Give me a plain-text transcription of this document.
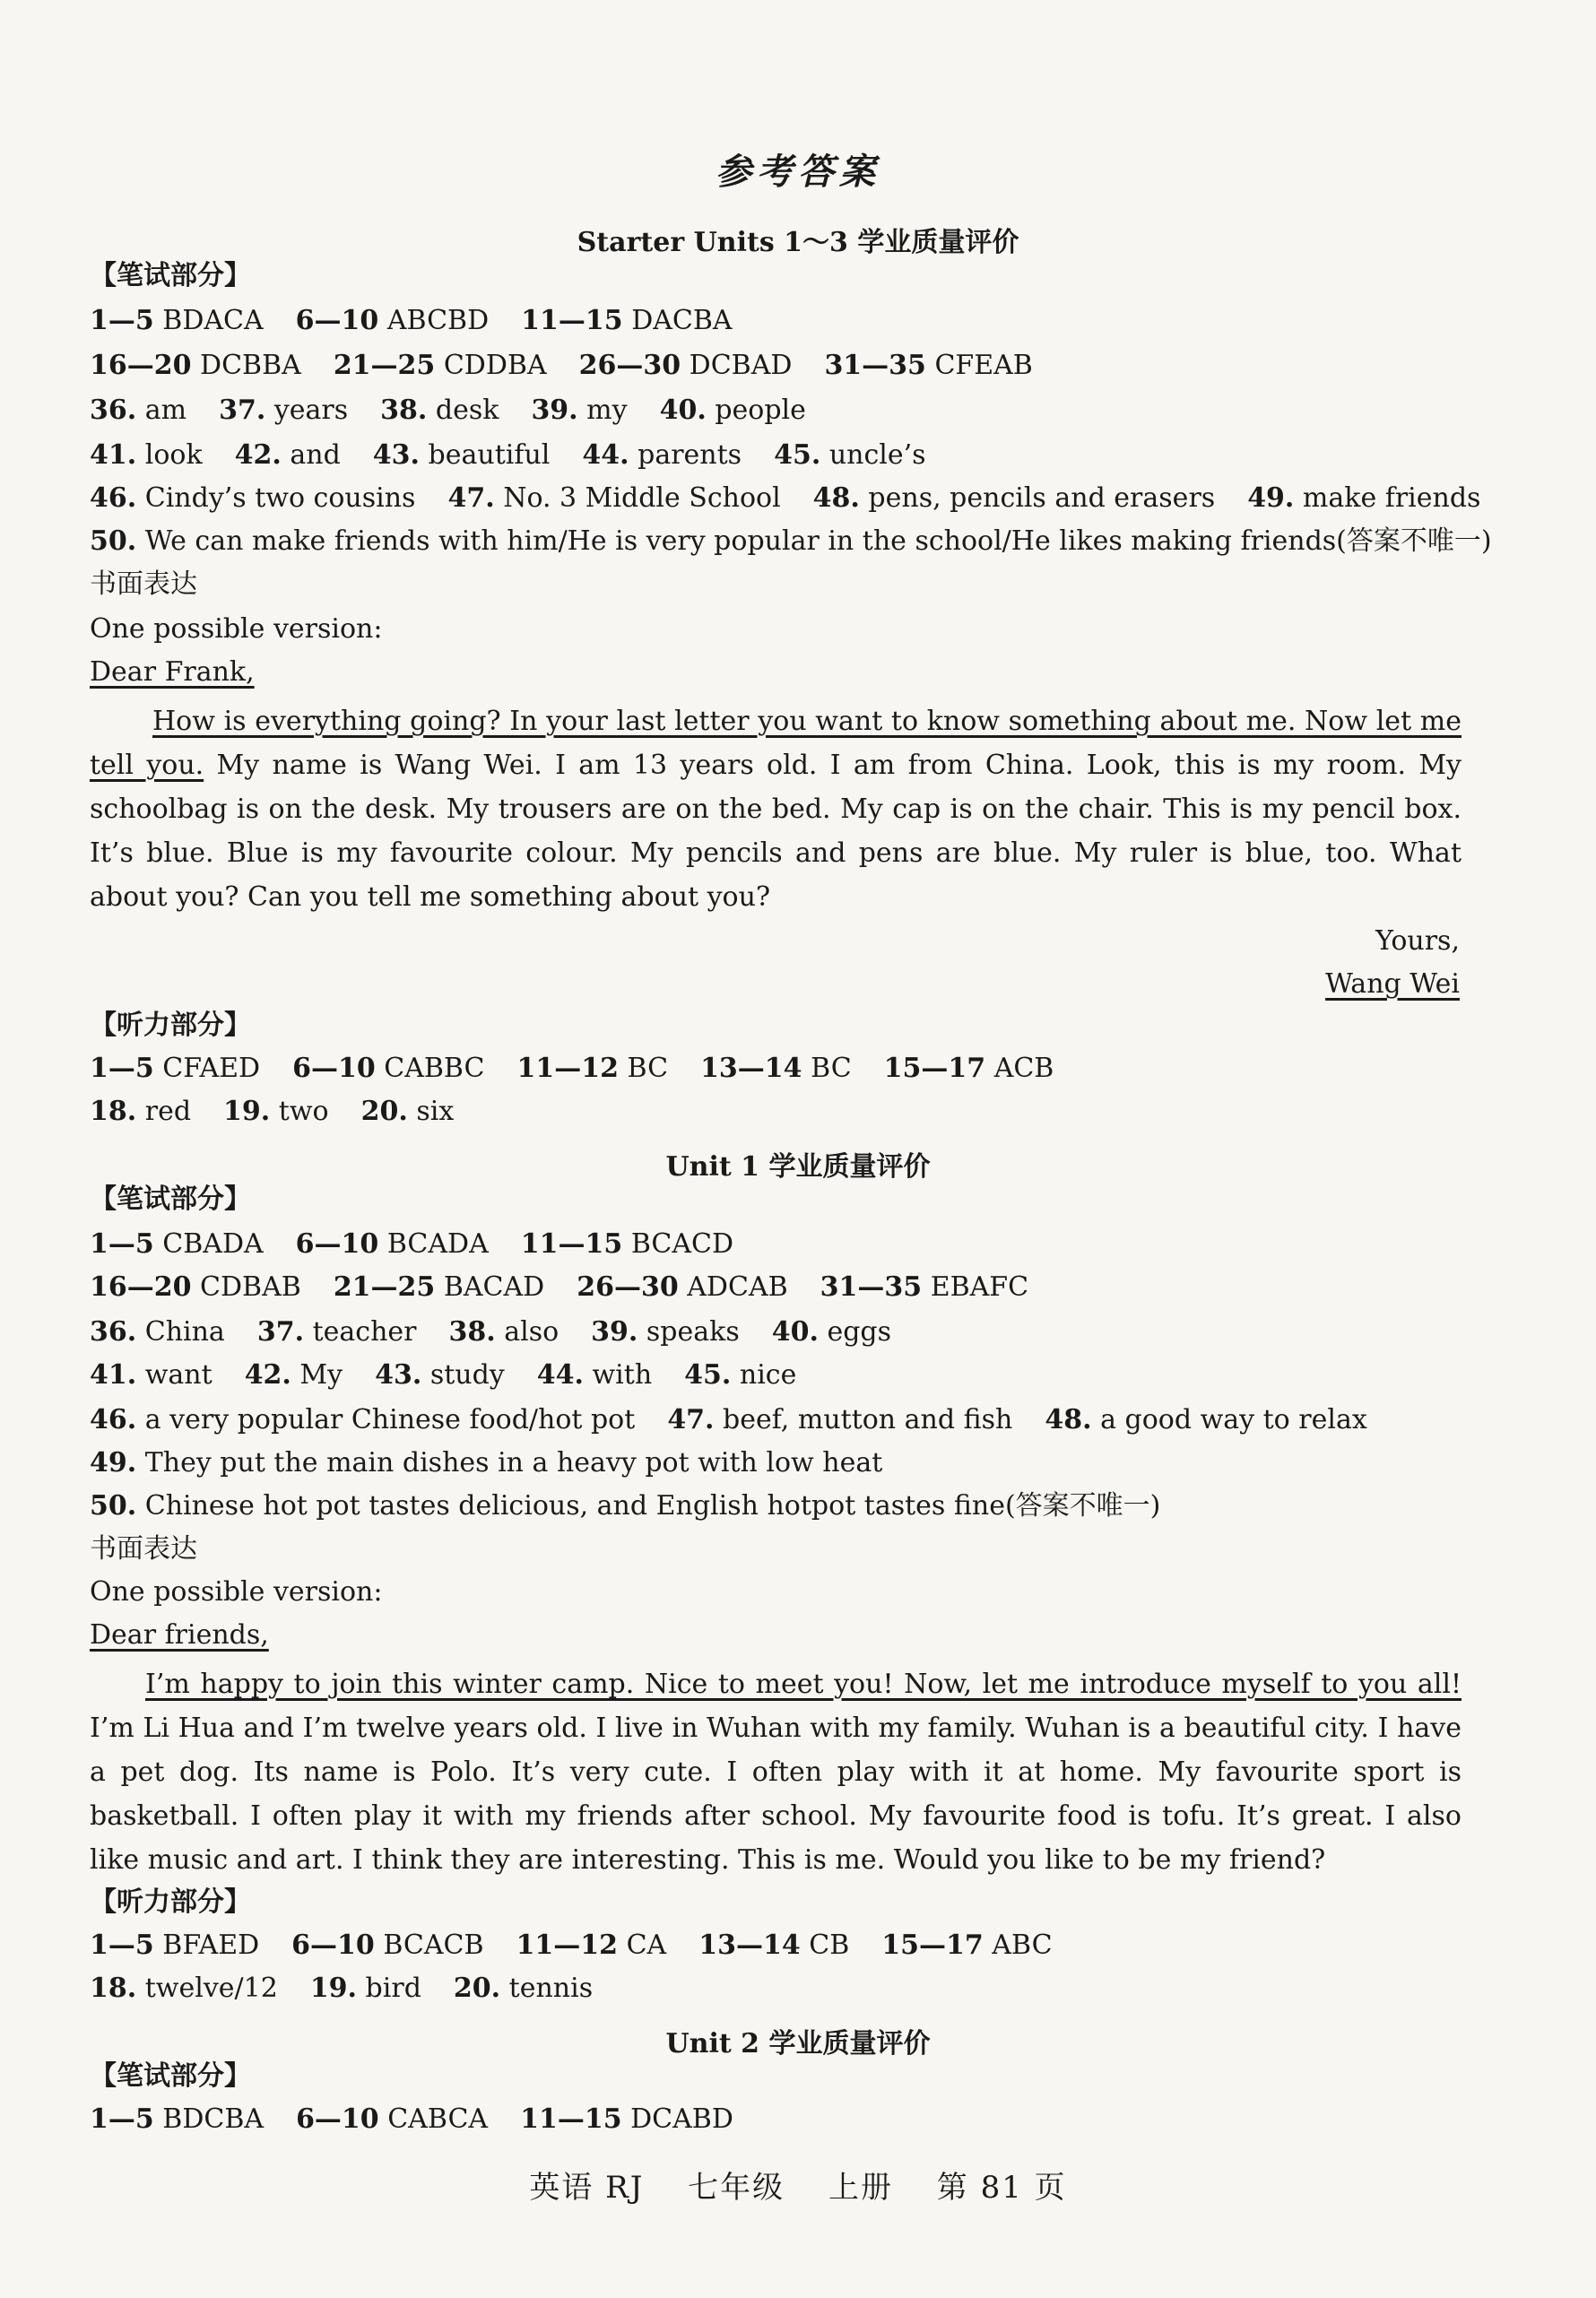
参考答案
Starter Units 1～3 学业质量评价
【笔试部分】
1—5 BDACA 6—10 ABCBD 11—15 DACBA
16—20 DCBBA 21—25 CDDBA 26—30 DCBAD 31—35 CFEAB
36. am 37. years 38. desk 39. my 40. people
41. look 42. and 43. beautiful 44. parents 45. uncle’s
46. Cindy’s two cousins 47. No. 3 Middle School 48. pens, pencils and erasers 49. make friends
50. We can make friends with him/He is very popular in the school/He likes making friends(答案不唯一)
书面表达
One possible version:
Dear Frank,
How is everything going? In your last letter you want to know something about me. Now let me tell you. My name is Wang Wei. I am 13 years old. I am from China. Look, this is my room. My schoolbag is on the desk. My trousers are on the bed. My cap is on the chair. This is my pencil box. It’s blue. Blue is my favourite colour. My pencils and pens are blue. My ruler is blue, too. What about you? Can you tell me something about you?
Yours,
Wang Wei
【听力部分】
1—5 CFAED 6—10 CABBC 11—12 BC 13—14 BC 15—17 ACB
18. red 19. two 20. six
Unit 1 学业质量评价
【笔试部分】
1—5 CBADA 6—10 BCADA 11—15 BCACD
16—20 CDBAB 21—25 BACAD 26—30 ADCAB 31—35 EBAFC
36. China 37. teacher 38. also 39. speaks 40. eggs
41. want 42. My 43. study 44. with 45. nice
46. a very popular Chinese food/hot pot 47. beef, mutton and fish 48. a good way to relax
49. They put the main dishes in a heavy pot with low heat
50. Chinese hot pot tastes delicious, and English hotpot tastes fine(答案不唯一)
书面表达
One possible version:
Dear friends,
I’m happy to join this winter camp. Nice to meet you! Now, let me introduce myself to you all! I’m Li Hua and I’m twelve years old. I live in Wuhan with my family. Wuhan is a beautiful city. I have a pet dog. Its name is Polo. It’s very cute. I often play with it at home. My favourite sport is basketball. I often play it with my friends after school. My favourite food is tofu. It’s great. I also like music and art. I think they are interesting. This is me. Would you like to be my friend?
【听力部分】
1—5 BFAED 6—10 BCACB 11—12 CA 13—14 CB 15—17 ABC
18. twelve/12 19. bird 20. tennis
Unit 2 学业质量评价
【笔试部分】
1—5 BDCBA 6—10 CABCA 11—15 DCABD
英语 RJ 七年级 上册 第 81 页
